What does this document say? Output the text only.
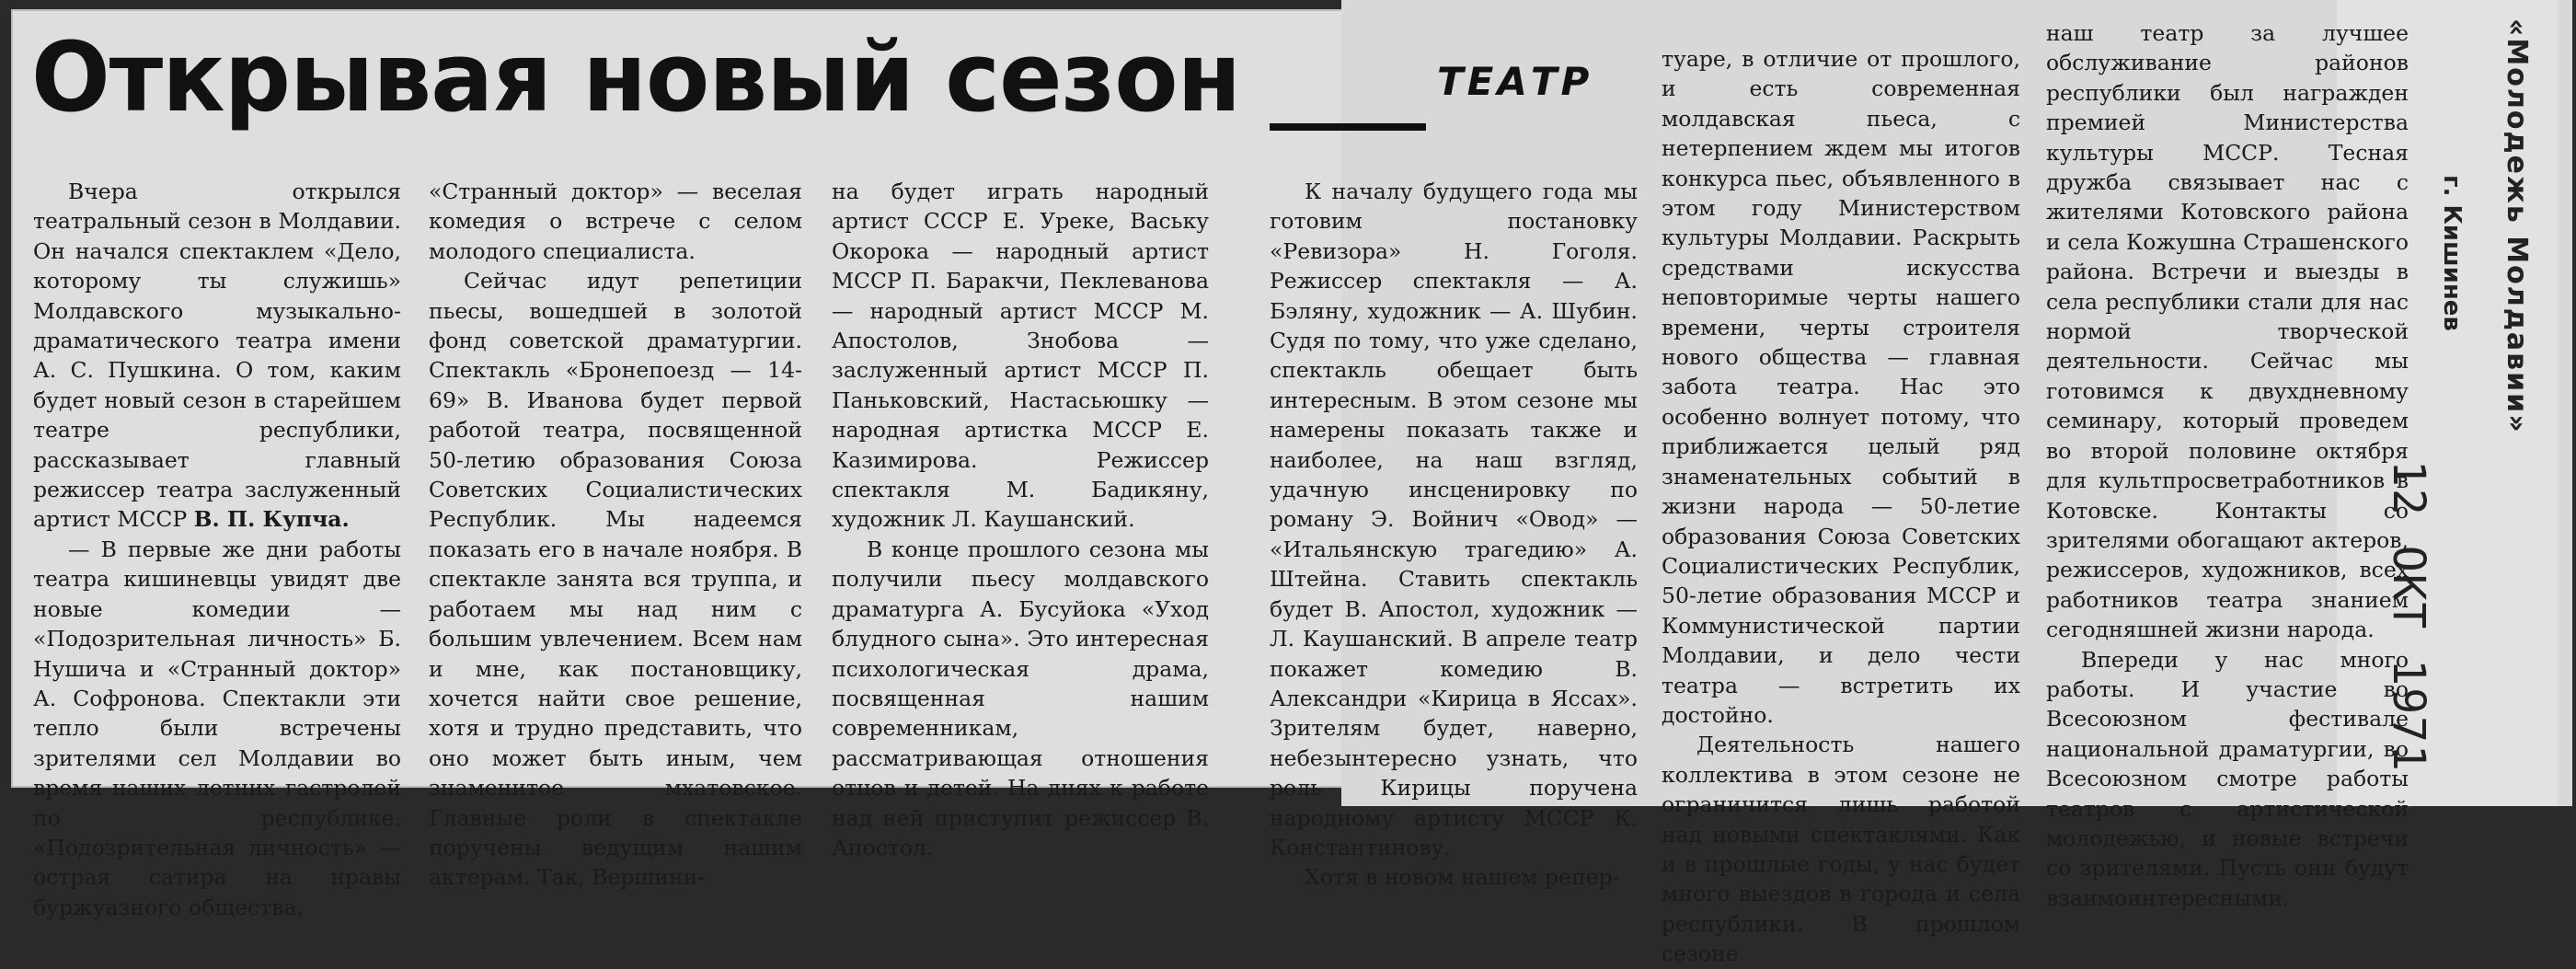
Открывая новый сезон	ТЕАТР

Вчера открылся театральный сезон в Молдавии. Он начался спектаклем «Дело, которому ты служишь» Молдавского музыкально-драматического театра имени А. С. Пушкина. О том, каким будет новый сезон в старейшем театре республики, рассказывает главный режиссер театра заслуженный артист МССР В. П. Купча.

— В первые же дни работы театра кишиневцы увидят две новые комедии — «Подозрительная личность» Б. Нушича и «Странный доктор» А. Софронова. Спектакли эти тепло были встречены зрителями сел Молдавии во время наших летних гастролей по республике. «Подозрительная личность» — острая сатира на нравы буржуазного общества,

«Странный доктор» — веселая комедия о встрече с селом молодого специалиста.

Сейчас идут репетиции пьесы, вошедшей в золотой фонд советской драматургии. Спектакль «Бронепоезд — 14-69» В. Иванова будет первой работой театра, посвященной 50-летию образования Союза Советских Социалистических Республик. Мы надеемся показать его в начале ноября. В спектакле занята вся труппа, и работаем мы над ним с большим увлечением. Всем нам и мне, как постановщику, хочется найти свое решение, хотя и трудно представить, что оно может быть иным, чем знаменитое мхатовское. Главные роли в спектакле поручены ведущим нашим актерам. Так, Вершини-

на будет играть народный артист СССР Е. Уреке, Ваську Окорока — народный артист МССР П. Баракчи, Пеклеванова — народный артист МССР М. Апостолов, Знобова — заслуженный артист МССР П. Паньковский, Настасьюшку — народная артистка МССР Е. Казимирова. Режиссер спектакля М. Бадикяну, художник Л. Каушанский.

В конце прошлого сезона мы получили пьесу молдавского драматурга А. Бусуйока «Уход блудного сына». Это интересная психологическая драма, посвященная нашим современникам, рассматривающая отношения отцов и детей. На днях к работе над ней приступит режиссер В. Апостол.

К началу будущего года мы готовим постановку «Ревизора» Н. Гоголя. Режиссер спектакля — А. Бэляну, художник — А. Шубин. Судя по тому, что уже сделано, спектакль обещает быть интересным. В этом сезоне мы намерены показать также и наиболее, на наш взгляд, удачную инсценировку по роману Э. Войнич «Овод» — «Итальянскую трагедию» А. Штейна. Ставить спектакль будет В. Апостол, художник — Л. Каушанский. В апреле театр покажет комедию В. Александри «Кирица в Яссах». Зрителям будет, наверно, небезынтересно узнать, что роль Кирицы поручена народному артисту МССР К. Константинову.

Хотя в новом нашем репер-

туаре, в отличие от прошлого, и есть современная молдавская пьеса, с нетерпением ждем мы итогов конкурса пьес, объявленного в этом году Министерством культуры Молдавии. Раскрыть средствами искусства неповторимые черты нашего времени, черты строителя нового общества — главная забота театра. Нас это особенно волнует потому, что приближается целый ряд знаменательных событий в жизни народа — 50-летие образования Союза Советских Социалистических Республик, 50-летие образования МССР и Коммунистической партии Молдавии, и дело чести театра — встретить их достойно.

Деятельность нашего коллектива в этом сезоне не ограничится лишь работой над новыми спектаклями. Как и в прошлые годы, у нас будет много выездов в города и села республики. В прошлом сезоне

наш театр за лучшее обслуживание районов республики был награжден премией Министерства культуры МССР. Тесная дружба связывает нас с жителями Котовского района и села Кожушна Страшенского района. Встречи и выезды в села республики стали для нас нормой творческой деятельности. Сейчас мы готовимся к двухдневному семинару, который проведем во второй половине октября для культпросветработников в Котовске. Контакты со зрителями обогащают актеров, режиссеров, художников, всех работников театра знанием сегодняшней жизни народа.

Впереди у нас много работы. И участие во Всесоюзном фестивале национальной драматургии, во Всесоюзном смотре работы театров с артистической молодежью, и новые встречи со зрителями. Пусть они будут взаимоинтересными.

«Молодежь Молдавии»
г. Кишинев
12 ОКТ 1971
